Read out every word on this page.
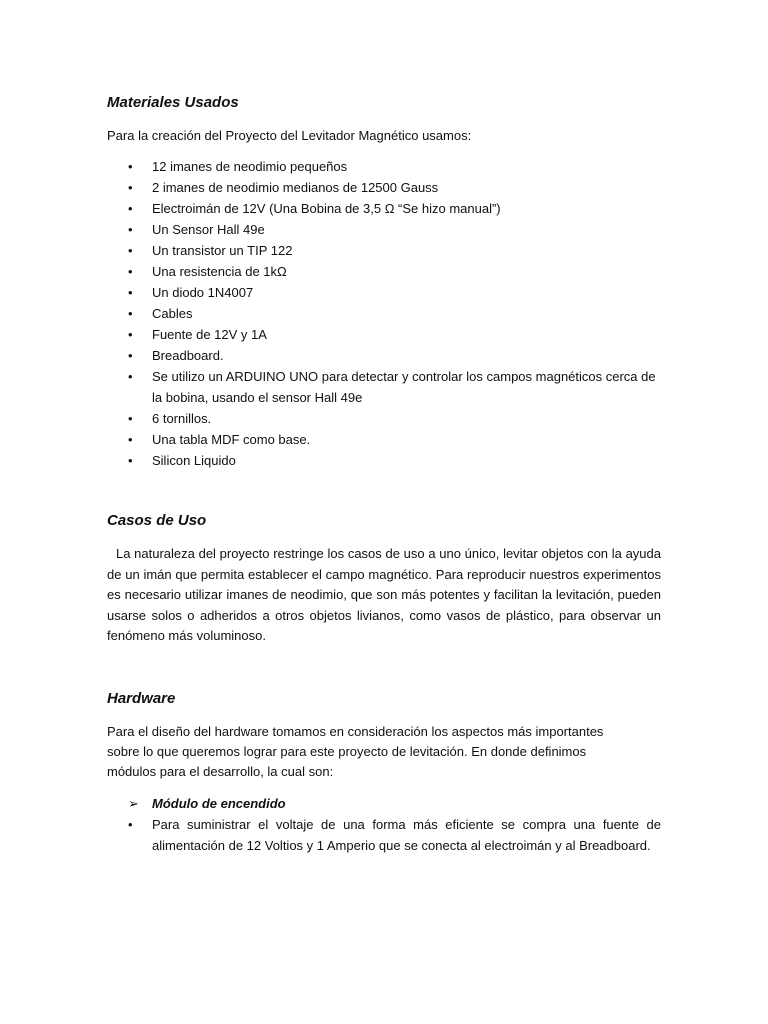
Materiales Usados

Para la creación del Proyecto del Levitador Magnético usamos:

• 12 imanes de neodimio pequeños
• 2 imanes de neodimio medianos de 12500 Gauss
• Electroimán de 12V (Una Bobina de 3,5 Ω “Se hizo manual”)
• Un Sensor Hall 49e
• Un transistor un TIP 122
• Una resistencia de 1kΩ
• Un diodo 1N4007
• Cables
• Fuente de 12V y 1A
• Breadboard.
• Se utilizo un ARDUINO UNO para detectar y controlar los campos magnéticos cerca de la bobina, usando el sensor Hall 49e
• 6 tornillos.
• Una tabla MDF como base.
• Silicon Liquido
Casos de Uso

La naturaleza del proyecto restringe los casos de uso a uno único, levitar objetos con la ayuda de un imán que permita establecer el campo magnético. Para reproducir nuestros experimentos es necesario utilizar imanes de neodimio, que son más potentes y facilitan la levitación, pueden usarse solos o adheridos a otros objetos livianos, como vasos de plástico, para observar un fenómeno más voluminoso.

Hardware

Para el diseño del hardware tomamos en consideración los aspectos más importantes sobre lo que queremos lograr para este proyecto de levitación. En donde definimos módulos para el desarrollo, la cual son:

➢ Módulo de encendido
• Para suministrar el voltaje de una forma más eficiente se compra una fuente de alimentación de 12 Voltios y 1 Amperio que se conecta al electroimán y al Breadboard.
